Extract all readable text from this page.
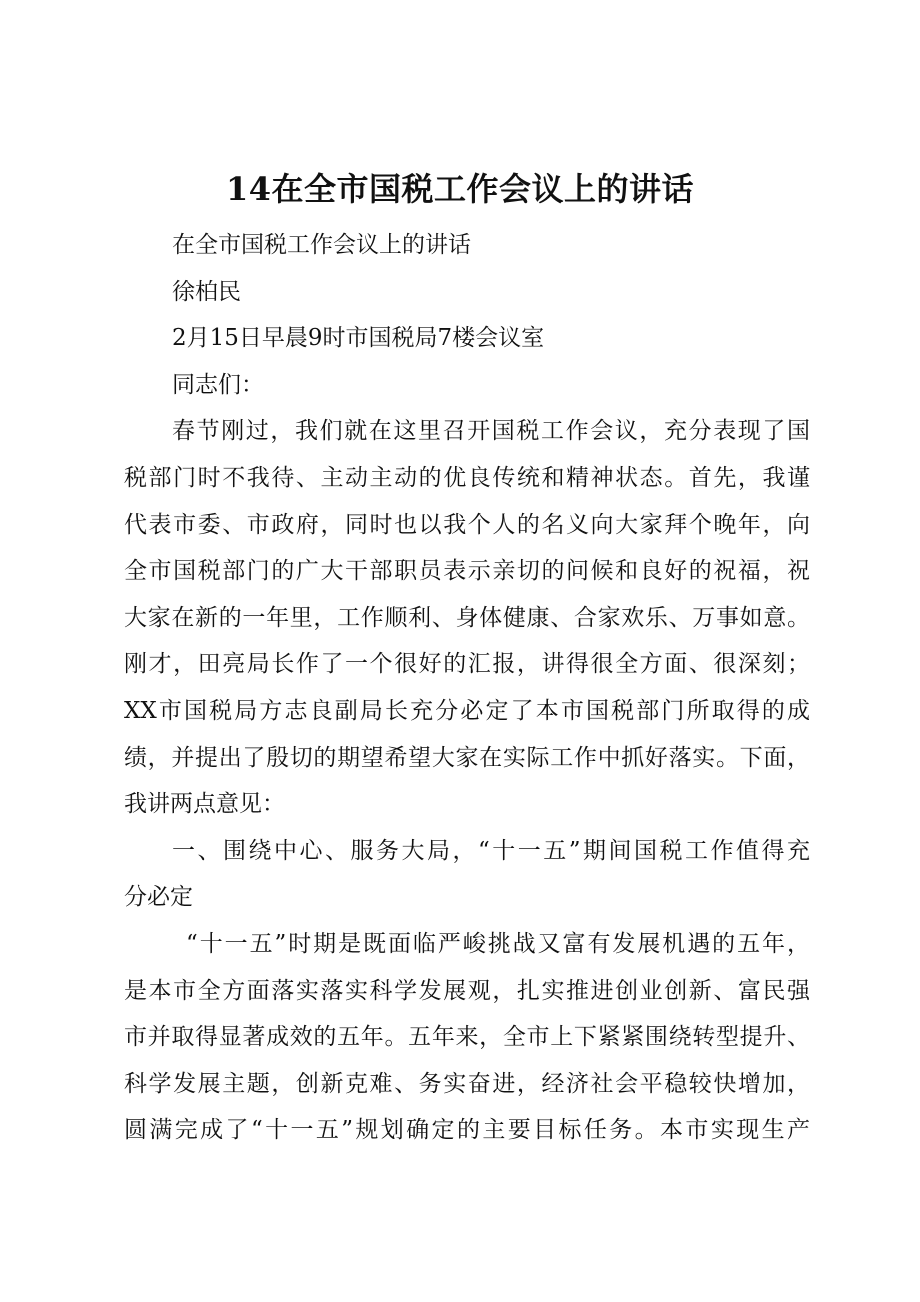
14在全市国税工作会议上的讲话
在全市国税工作会议上的讲话
徐柏民
2月15日早晨9时市国税局7楼会议室
同志们：
春节刚过，我们就在这里召开国税工作会议，充分表现了国
税部门时不我待、主动主动的优良传统和精神状态。首先，我谨
代表市委、市政府，同时也以我个人的名义向大家拜个晚年，向
全市国税部门的广大干部职员表示亲切的问候和良好的祝福，祝
大家在新的一年里，工作顺利、身体健康、合家欢乐、万事如意。
刚才，田亮局长作了一个很好的汇报，讲得很全方面、很深刻；
XX市国税局方志良副局长充分必定了本市国税部门所取得的成
绩，并提出了殷切的期望希望大家在实际工作中抓好落实。下面，
我讲两点意见：
一、围绕中心、服务大局，“十一五”期间国税工作值得充
分必定
“十一五”时期是既面临严峻挑战又富有发展机遇的五年，
是本市全方面落实落实科学发展观，扎实推进创业创新、富民强
市并取得显著成效的五年。五年来，全市上下紧紧围绕转型提升、
科学发展主题，创新克难、务实奋进，经济社会平稳较快增加，
圆满完成了“十一五”规划确定的主要目标任务。本市实现生产
